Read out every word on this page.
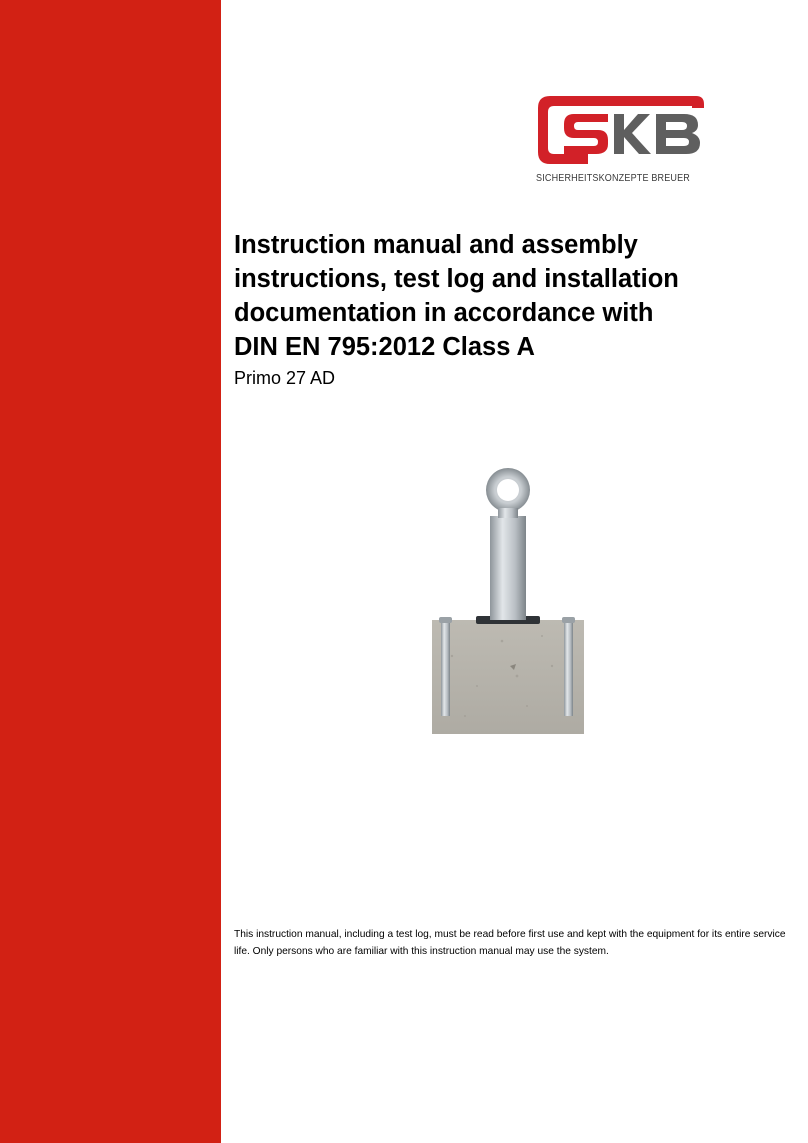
SICHERHEITSKONZEPTE BREUER
Instruction manual and assembly
instructions, test log and installation
documentation in accordance with
DIN EN 795:2012 Class A
Primo 27 AD

This instruction manual, including a test log, must be read before first use and kept with the equipment for its entire service life. Only persons who are familiar with this instruction manual may use the system.
